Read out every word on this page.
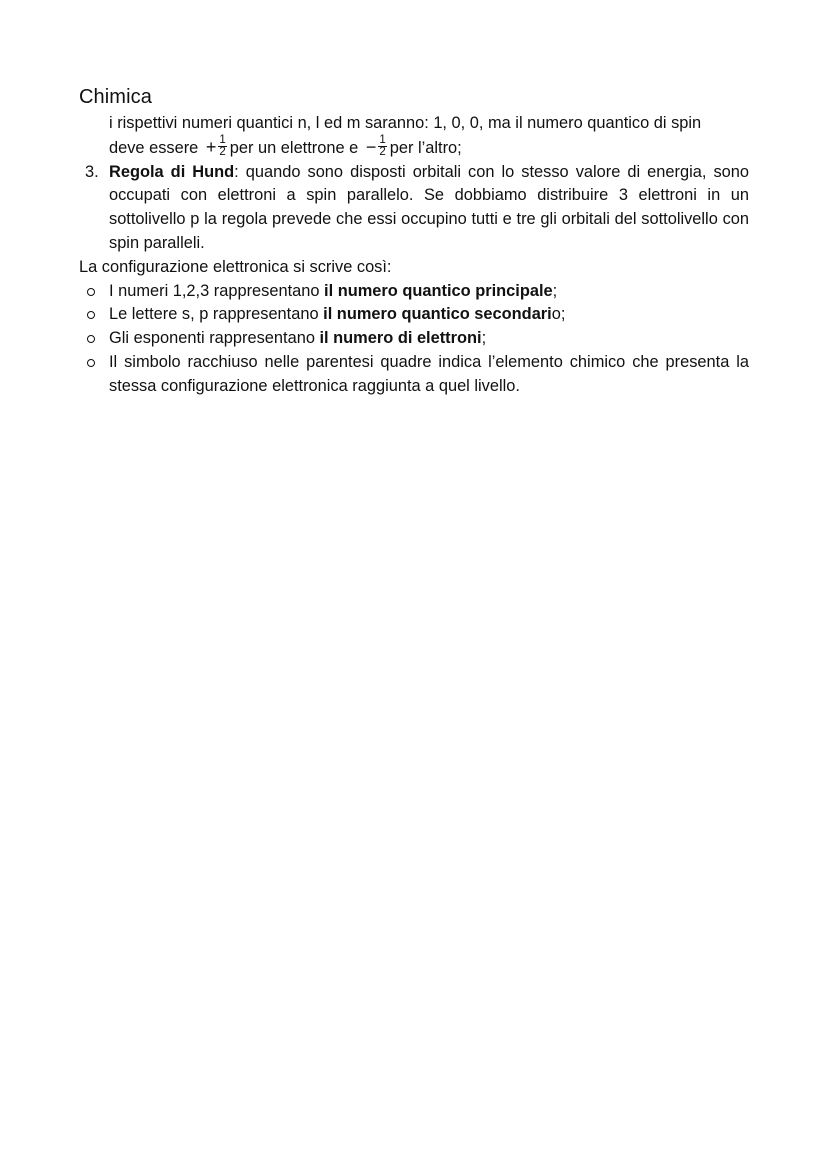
Chimica
i rispettivi numeri quantici n, l ed m saranno: 1, 0, 0, ma il numero quantico di spin
deve essere + $\frac{1}{2}$ per un elettrone $e - \frac{1}{2}$ per l’altro;
3. Regola di Hund: quando sono disposti orbitali con lo stesso valore di energia, sono occupati con elettroni a spin parallelo. Se dobbiamo distribuire 3 elettroni in un sottolivello p la regola prevede che essi occupino tutti e tre gli orbitali del sottolivello con spin paralleli.
La configurazione elettronica si scrive così:
I numeri 1,2,3 rappresentano il numero quantico principale;
Le lettere s, p rappresentano il numero quantico secondario;
Gli esponenti rappresentano il numero di elettroni;
Il simbolo racchiuso nelle parentesi quadre indica l’elemento chimico che presenta la stessa configurazione elettronica raggiunta a quel livello.
